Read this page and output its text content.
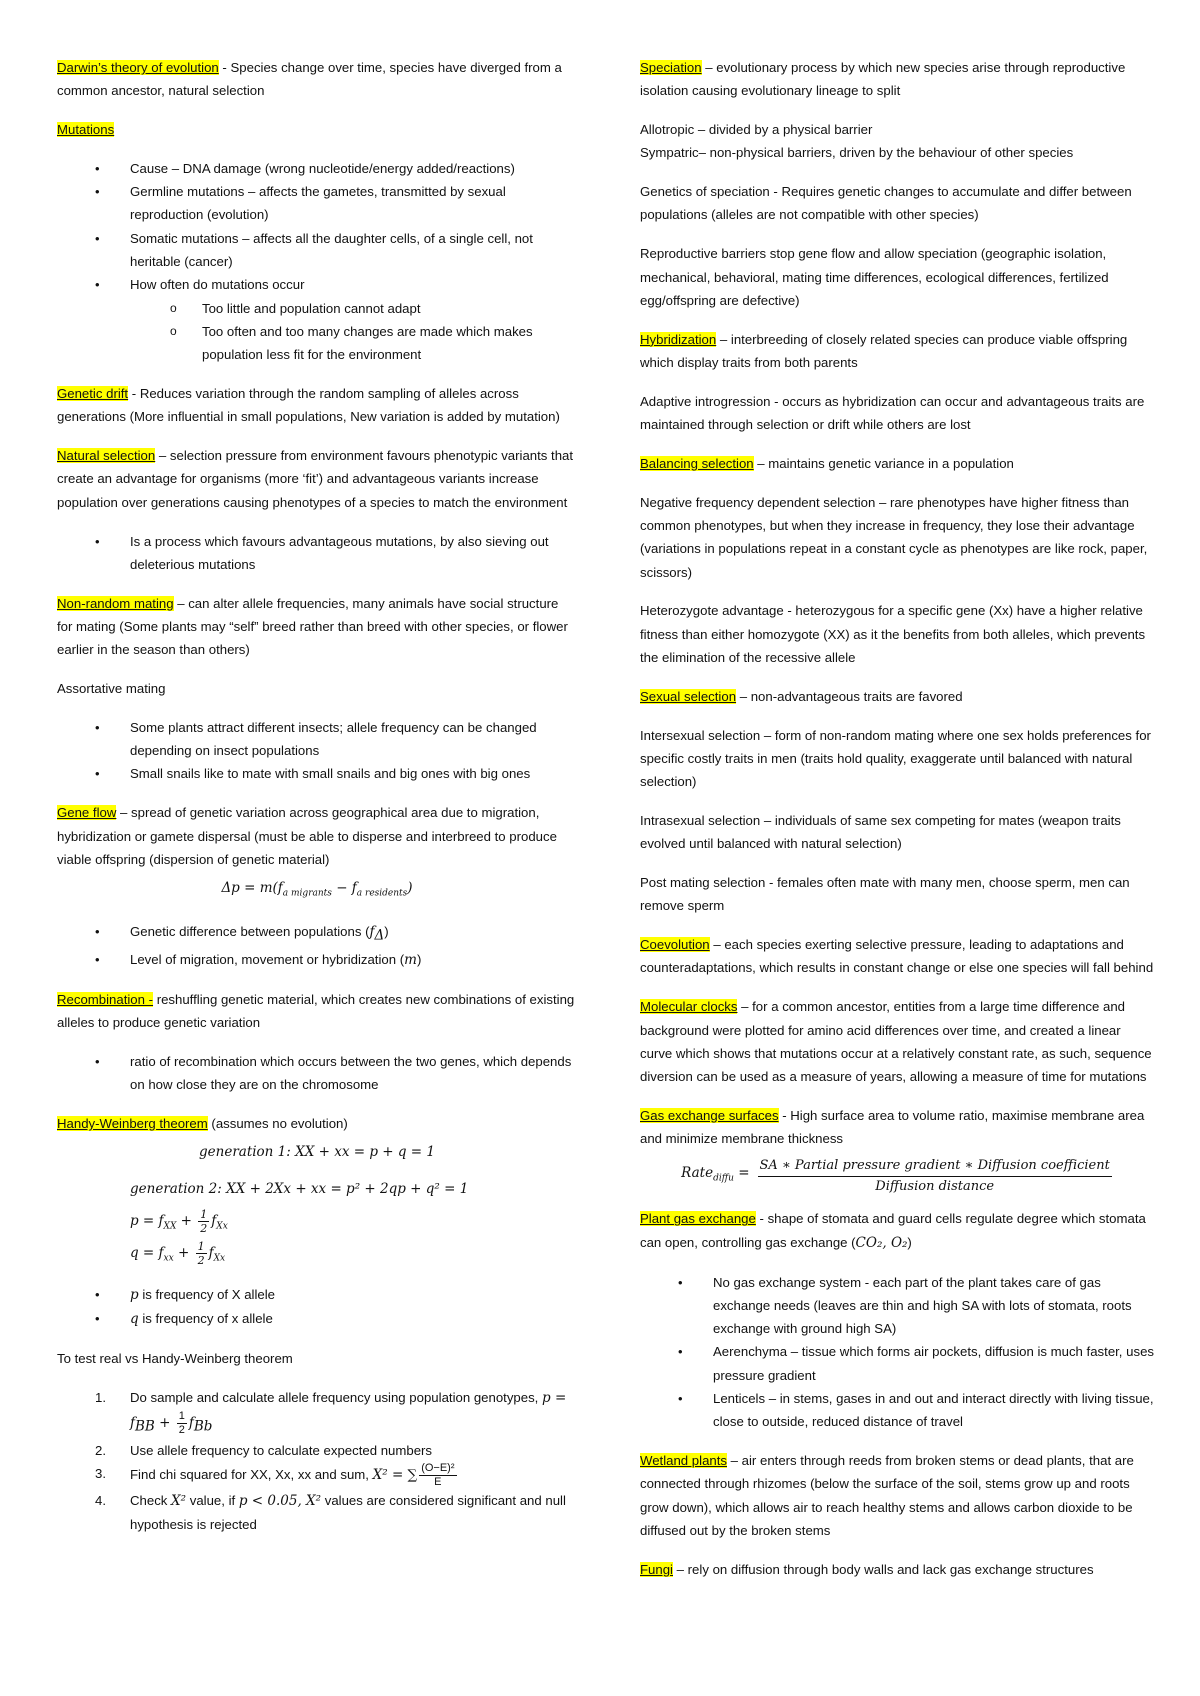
Darwin’s theory of evolution - Species change over time, species have diverged from a common ancestor, natural selection

Mutations

• Cause – DNA damage (wrong nucleotide/energy added/reactions)
• Germline mutations – affects the gametes, transmitted by sexual reproduction (evolution)
• Somatic mutations – affects all the daughter cells, of a single cell, not heritable (cancer)
• How often do mutations occur
o Too little and population cannot adapt
o Too often and too many changes are made which makes population less fit for the environment

Genetic drift - Reduces variation through the random sampling of alleles across generations (More influential in small populations, New variation is added by mutation)

Natural selection – selection pressure from environment favours phenotypic variants that create an advantage for organisms (more ‘fit’) and advantageous variants increase population over generations causing phenotypes of a species to match the environment

• Is a process which favours advantageous mutations, by also sieving out deleterious mutations

Non-random mating – can alter allele frequencies, many animals have social structure for mating (Some plants may “self” breed rather than breed with other species, or flower earlier in the season than others)

Assortative mating

• Some plants attract different insects; allele frequency can be changed depending on insect populations
• Small snails like to mate with small snails and big ones with big ones

Gene flow – spread of genetic variation across geographical area due to migration, hybridization or gamete dispersal (must be able to disperse and interbreed to produce viable offspring (dispersion of genetic material)

$\Delta p = m(f_{a migrants} - f_{a residents})$
• Genetic difference between populations $(f_\Delta)$
• Level of migration, movement or hybridization (m)

Recombination - reshuffling genetic material, which creates new combinations of existing alleles to produce genetic variation

• ratio of recombination which occurs between the two genes, which depends on how close they are on the chromosome

Handy-Weinberg theorem (assumes no evolution)

generation 1: XX + xx = p + q = 1
generation 2: XX + 2Xx + xx = p² + 2qp + q² = 1
$p = f_{XX} + \frac{1}{2} f_{Xx}$
$q = f_{xx} + \frac{1}{2} f_{Xx}$
• p is frequency of X allele
• q is frequency of x allele

To test real vs Handy-Weinberg theorem

1. Do sample and calculate allele frequency using population genotypes, $p = f_{BB} + \frac{1}{2} f_{Bb}$
2. Use allele frequency to calculate expected numbers
3. Find chi squared for XX, Xx, xx and sum, X² = ∑ $\frac{\text{(O−E)²}}{E}$
4. Check X² value, if p < 0.05, X² values are considered significant and null hypothesis is rejected

Speciation – evolutionary process by which new species arise through reproductive isolation causing evolutionary lineage to split

Allotropic – divided by a physical barrier
Sympatric– non-physical barriers, driven by the behaviour of other species

Genetics of speciation - Requires genetic changes to accumulate and differ between populations (alleles are not compatible with other species)

Reproductive barriers stop gene flow and allow speciation (geographic isolation, mechanical, behavioral, mating time differences, ecological differences, fertilized egg/offspring are defective)

Hybridization – interbreeding of closely related species can produce viable offspring which display traits from both parents

Adaptive introgression - occurs as hybridization can occur and advantageous traits are maintained through selection or drift while others are lost

Balancing selection – maintains genetic variance in a population

Negative frequency dependent selection – rare phenotypes have higher fitness than common phenotypes, but when they increase in frequency, they lose their advantage (variations in populations repeat in a constant cycle as phenotypes are like rock, paper, scissors)

Heterozygote advantage - heterozygous for a specific gene (Xx) have a higher relative fitness than either homozygote (XX) as it the benefits from both alleles, which prevents the elimination of the recessive allele

Sexual selection – non-advantageous traits are favored

Intersexual selection – form of non-random mating where one sex holds preferences for specific costly traits in men (traits hold quality, exaggerate until balanced with natural selection)

Intrasexual selection – individuals of same sex competing for mates (weapon traits evolved until balanced with natural selection)

Post mating selection - females often mate with many men, choose sperm, men can remove sperm

Coevolution – each species exerting selective pressure, leading to adaptations and counteradaptations, which results in constant change or else one species will fall behind

Molecular clocks – for a common ancestor, entities from a large time difference and background were plotted for amino acid differences over time, and created a linear curve which shows that mutations occur at a relatively constant rate, as such, sequence diversion can be used as a measure of years, allowing a measure of time for mutations

Gas exchange surfaces - High surface area to volume ratio, maximise membrane area and minimize membrane thickness

Rate$_{diffu}$ = $\frac{\text{SA ∗ Partial pressure gradient ∗ Diffusion coefficient}}{\text{Diffusion distance}}$

Plant gas exchange - shape of stomata and guard cells regulate degree which stomata can open, controlling gas exchange (CO₂, O₂)

• No gas exchange system - each part of the plant takes care of gas exchange needs (leaves are thin and high SA with lots of stomata, roots exchange with ground high SA)
• Aerenchyma – tissue which forms air pockets, diffusion is much faster, uses pressure gradient
• Lenticels – in stems, gases in and out and interact directly with living tissue, close to outside, reduced distance of travel

Wetland plants – air enters through reeds from broken stems or dead plants, that are connected through rhizomes (below the surface of the soil, stems grow up and roots grow down), which allows air to reach healthy stems and allows carbon dioxide to be diffused out by the broken stems

Fungi – rely on diffusion through body walls and lack gas exchange structures
